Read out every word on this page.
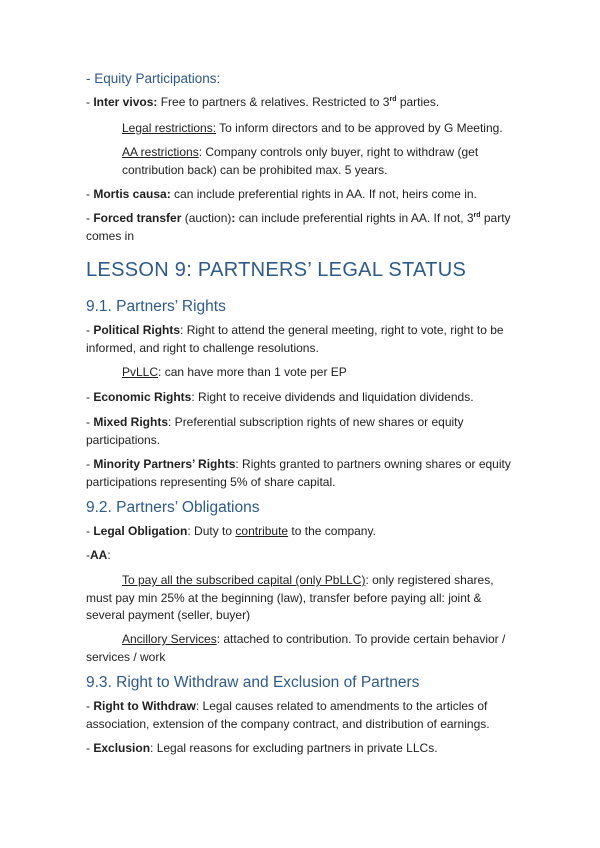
- Equity Participations:

- Inter vivos: Free to partners & relatives. Restricted to 3rd parties.

Legal restrictions: To inform directors and to be approved by G Meeting.

AA restrictions: Company controls only buyer, right to withdraw (get contribution back) can be prohibited max. 5 years.

- Mortis causa: can include preferential rights in AA. If not, heirs come in.

- Forced transfer (auction): can include preferential rights in AA. If not, 3rd party comes in

LESSON 9: PARTNERS’ LEGAL STATUS

9.1. Partners’ Rights

- Political Rights: Right to attend the general meeting, right to vote, right to be informed, and right to challenge resolutions.

PvLLC: can have more than 1 vote per EP

- Economic Rights: Right to receive dividends and liquidation dividends.

- Mixed Rights: Preferential subscription rights of new shares or equity participations.

- Minority Partners’ Rights: Rights granted to partners owning shares or equity participations representing 5% of share capital.

9.2. Partners’ Obligations

- Legal Obligation: Duty to contribute to the company.

-AA:

To pay all the subscribed capital (only PbLLC): only registered shares, must pay min 25% at the beginning (law), transfer before paying all: joint & several payment (seller, buyer)

Ancillory Services: attached to contribution. To provide certain behavior / services / work

9.3. Right to Withdraw and Exclusion of Partners

- Right to Withdraw: Legal causes related to amendments to the articles of association, extension of the company contract, and distribution of earnings.

- Exclusion: Legal reasons for excluding partners in private LLCs.
